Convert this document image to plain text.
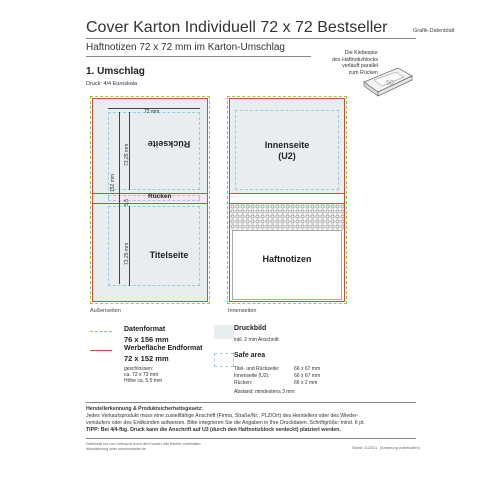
Cover Karton Individuell 72 x 72 Bestseller	Grafik-Datenblatt
Haftnotizen 72 x 72 mm im Karton-Umschlag	Die Klebespur
des Haftnotizblocks
verläuft parallel
zum Rücken
50
1. Umschlag
Druck: 4/4 Euroskala
72 mm
152 mm
73,25 mm
5,5
73,25 mm
Rückseite
Rücken
Titelseite
Außenseiten
Innenseite
(U2)
Haftnotizen
Innenseiten
Datenformat
76 x 156 mm
Werbefläche Endformat
72 x 152 mm
geschlossen:
ca. 72 x 73 mm
Höhe ca. 5,5 mm
Druckbild
inkl. 2 mm Anschnitt
Safe area
Titel- und Rückseite:	66 x 67 mm
Innenseite (U2):	66 x 67 mm
Rücken:	66 x 2 mm
Abstand: mindestens 3 mm
Herstellerkennung & Produktsicherheitsgesetz:
Jedes Verkaufsprodukt muss eine zustellfähige Anschrift (Firma, Straße/Nr., PLZ/Ort) des Herstellers oder des Wieder-
verkäufers oder des Endkunden aufweisen. Bitte integrieren Sie die Angaben in Ihre Druckdaten. Schriftgröße: mind. 6 pt.
TIPP: Bei 4/4-fbg. Druck kann die Anschrift auf U3 (durch den Haftnotizblock verdeckt) platziert werden.
Datenblatt nur zum Gebrauch durch den Kunden; Alle Rechte vorbehalten.
Aktualisierung unter www.bestseller.de	Stand: 11/2021 (Änderung vorbehalten)
